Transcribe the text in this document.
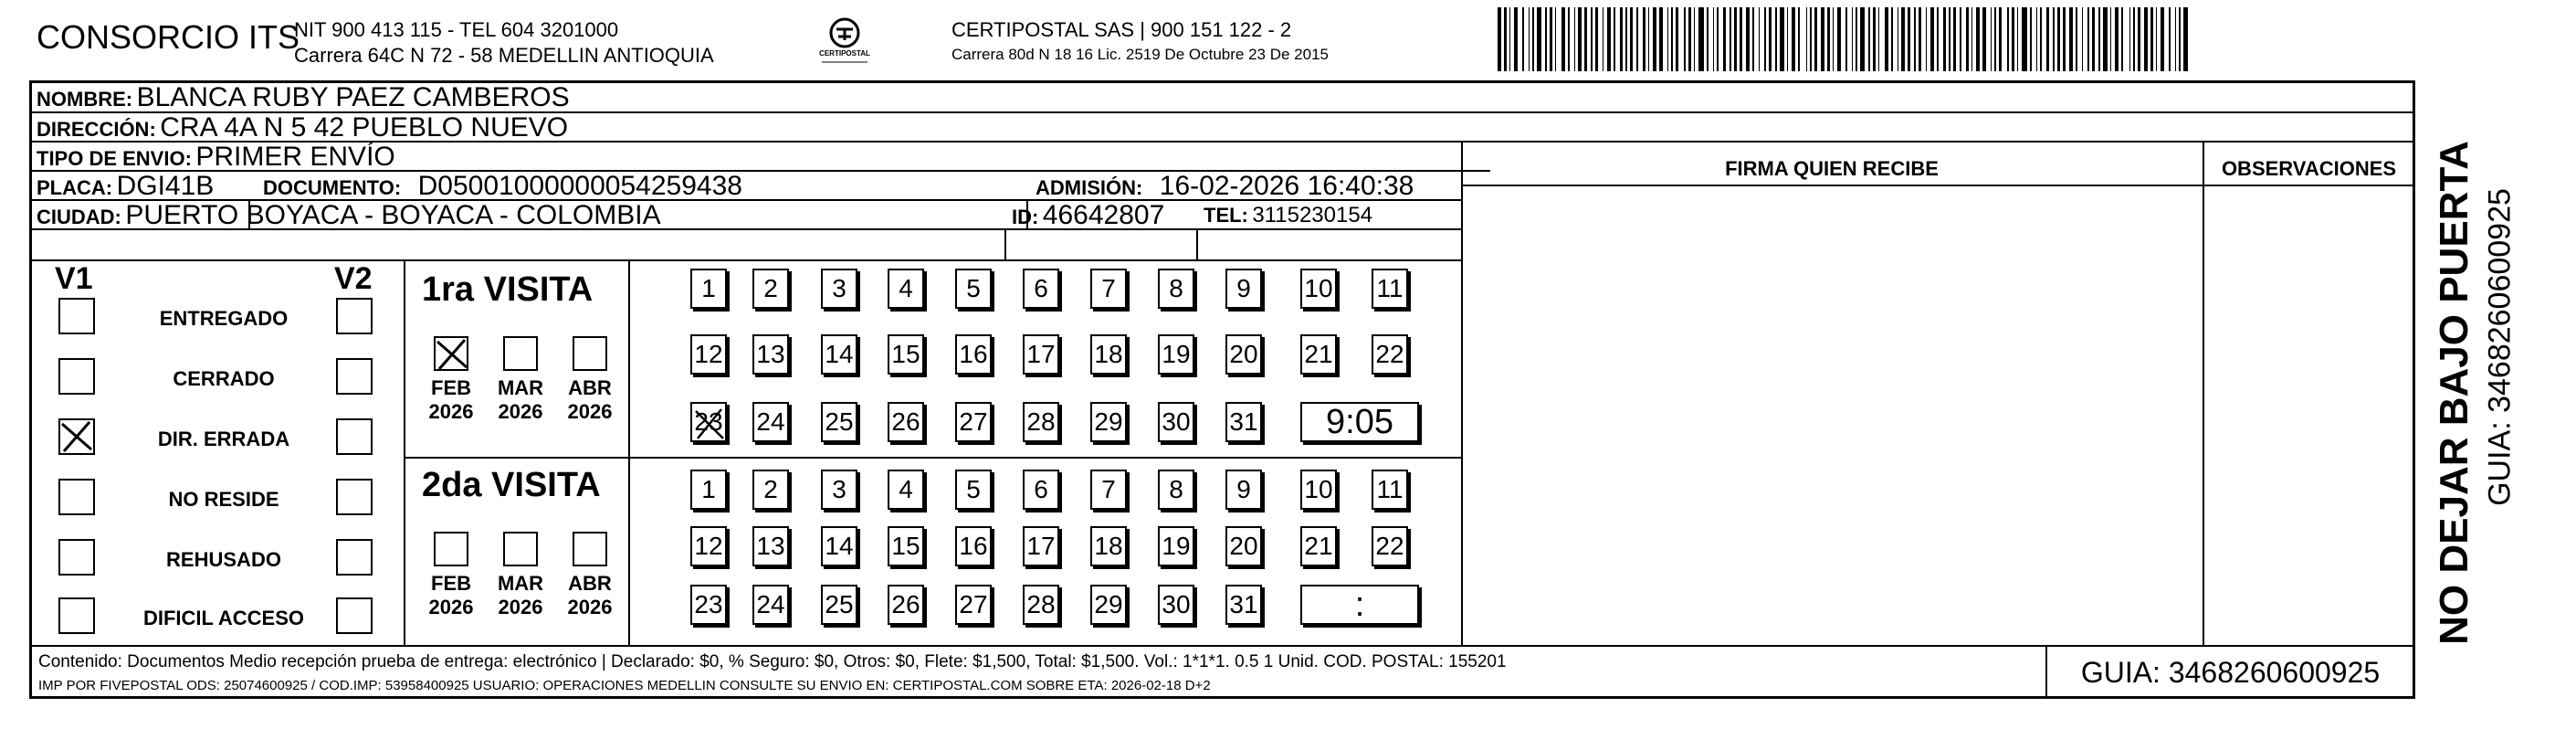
CONSORCIO ITS
NIT 900 413 115 - TEL 604 3201000
Carrera 64C N 72 - 58 MEDELLIN ANTIOQUIA	CERTIPOSTAL
CERTIPOSTAL SAS | 900 151 122 - 2
Carrera 80d N 18 16 Lic. 2519 De Octubre 23 De 2015
NOMBRE: BLANCA RUBY PAEZ CAMBEROS
DIRECCIÓN: CRA 4A N 5 42 PUEBLO NUEVO
TIPO DE ENVIO: PRIMER ENVÍO	FIRMA QUIEN RECIBE	OBSERVACIONES
PLACA: DGI41B DOCUMENTO: D05001000000054259438	ADMISIÓN: 16-02-2026 16:40:38
CIUDAD: PUERTO BOYACA - BOYACA - COLOMBIA	ID: 46642807 TEL: 3115230154
V1	V2
ENTREGADO
CERRADO
DIR. ERRADA
NO RESIDE
REHUSADO
DIFICIL ACCESO
1ra VISITA
2da VISITA
FEB
2026
MAR
2026
ABR
2026
1	2	3	4	5	6	7	8	9	10 11
12 13 14 15 16 17 18 19 20 21 22
23 24 25 26 27 28 29 30 31	9:05
FEB
2026
MAR
2026
ABR
2026
1	2	3	4	5	6	7	8	9	10 11
12 13 14 15 16 17 18 19 20 21 22
23 24 25 26 27 28 29 30 31	:
Contenido: Documentos Medio recepción prueba de entrega: electrónico | Declarado: $0, % Seguro: $0, Otros: $0, Flete: $1,500, Total: $1,500. Vol.: 1*1*1. 0.5 1 Unid. COD. POSTAL: 155201
IMP POR FIVEPOSTAL ODS: 25074600925 / COD.IMP: 53958400925 USUARIO: OPERACIONES MEDELLIN CONSULTE SU ENVIO EN: CERTIPOSTAL.COM SOBRE ETA: 2026-02-18 D+2	GUIA: 3468260600925
NO DEJAR BAJO PUERTA GUIA: 3468260600925
